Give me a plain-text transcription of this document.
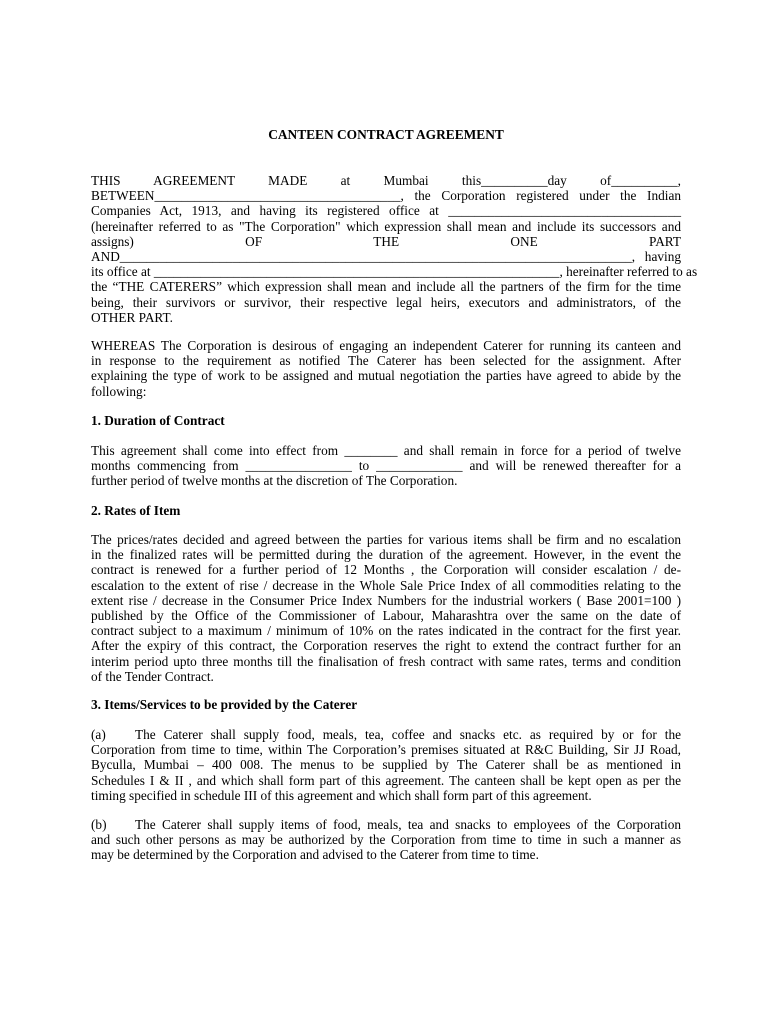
CANTEEN CONTRACT AGREEMENT
THIS AGREEMENT MADE at Mumbai this__________day of__________,
BETWEEN_____________________________________, the Corporation registered under the Indian
Companies Act, 1913, and having its registered office at ___________________________________
(hereinafter referred to as "The Corporation" which expression shall mean and include its successors and
assigns) OF THE ONE PART
AND_____________________________________________________________________________, having
its office at _____________________________________________________________, hereinafter referred to as
the “THE CATERERS” which expression shall mean and include all the partners of the firm for the time
being, their survivors or survivor, their respective legal heirs, executors and administrators, of the
OTHER PART.
WHEREAS The Corporation is desirous of engaging an independent Caterer for running its canteen and
in response to the requirement as notified The Caterer has been selected for the assignment. After
explaining the type of work to be assigned and mutual negotiation the parties have agreed to abide by the
following:
1. Duration of Contract
This agreement shall come into effect from ________ and shall remain in force for a period of twelve
months commencing from ________________ to _____________ and will be renewed thereafter for a
further period of twelve months at the discretion of The Corporation.
2. Rates of Item
The prices/rates decided and agreed between the parties for various items shall be firm and no escalation
in the finalized rates will be permitted during the duration of the agreement. However, in the event the
contract is renewed for a further period of 12 Months , the Corporation will consider escalation / de-
escalation to the extent of rise / decrease in the Whole Sale Price Index of all commodities relating to the
extent rise / decrease in the Consumer Price Index Numbers for the industrial workers ( Base 2001=100 )
published by the Office of the Commissioner of Labour, Maharashtra over the same on the date of
contract subject to a maximum / minimum of 10% on the rates indicated in the contract for the first year.
After the expiry of this contract, the Corporation reserves the right to extend the contract further for an
interim period upto three months till the finalisation of fresh contract with same rates, terms and condition
of the Tender Contract.
3. Items/Services to be provided by the Caterer
(a) The Caterer shall supply food, meals, tea, coffee and snacks etc. as required by or for the
Corporation from time to time, within The Corporation’s premises situated at R&C Building, Sir JJ Road,
Byculla, Mumbai – 400 008. The menus to be supplied by The Caterer shall be as mentioned in
Schedules I & II , and which shall form part of this agreement. The canteen shall be kept open as per the
timing specified in schedule III of this agreement and which shall form part of this agreement.
(b) The Caterer shall supply items of food, meals, tea and snacks to employees of the Corporation
and such other persons as may be authorized by the Corporation from time to time in such a manner as
may be determined by the Corporation and advised to the Caterer from time to time.
